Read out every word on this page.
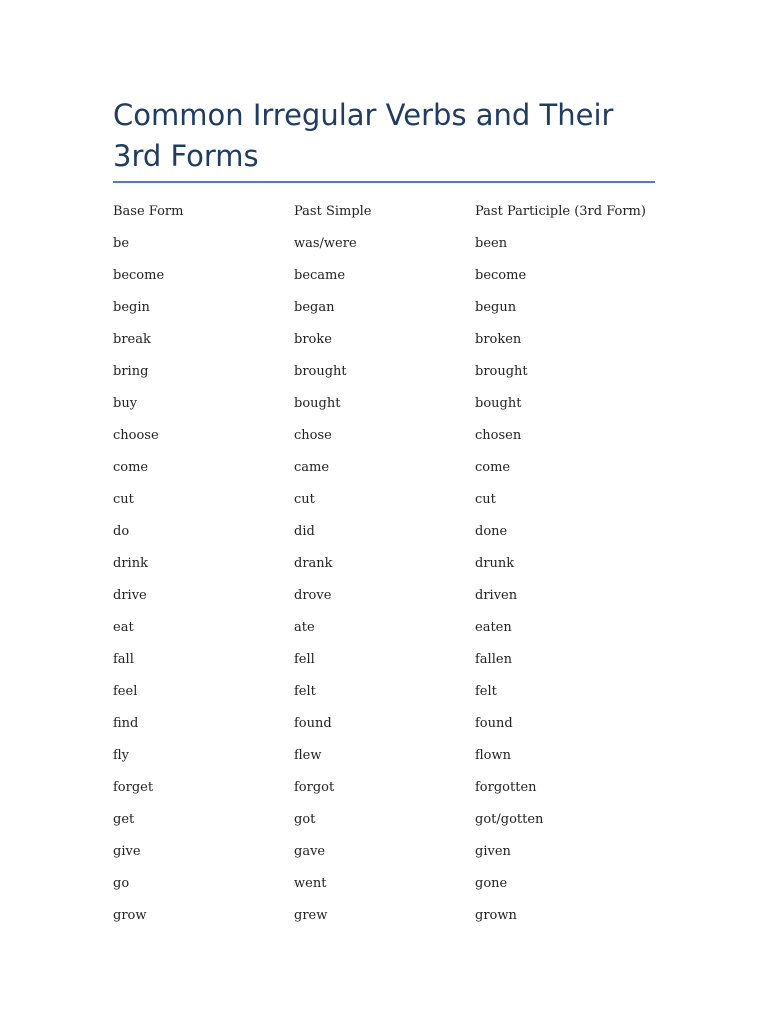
Common Irregular Verbs and Their 3rd Forms
Base Form	Past Simple	Past Participle (3rd Form)
be	was/were	been
become	became	become
begin	began	begun
break	broke	broken
bring	brought	brought
buy	bought	bought
choose	chose	chosen
come	came	come
cut	cut	cut
do	did	done
drink	drank	drunk
drive	drove	driven
eat	ate	eaten
fall	fell	fallen
feel	felt	felt
find	found	found
fly	flew	flown
forget	forgot	forgotten
get	got	got/gotten
give	gave	given
go	went	gone
grow	grew	grown
